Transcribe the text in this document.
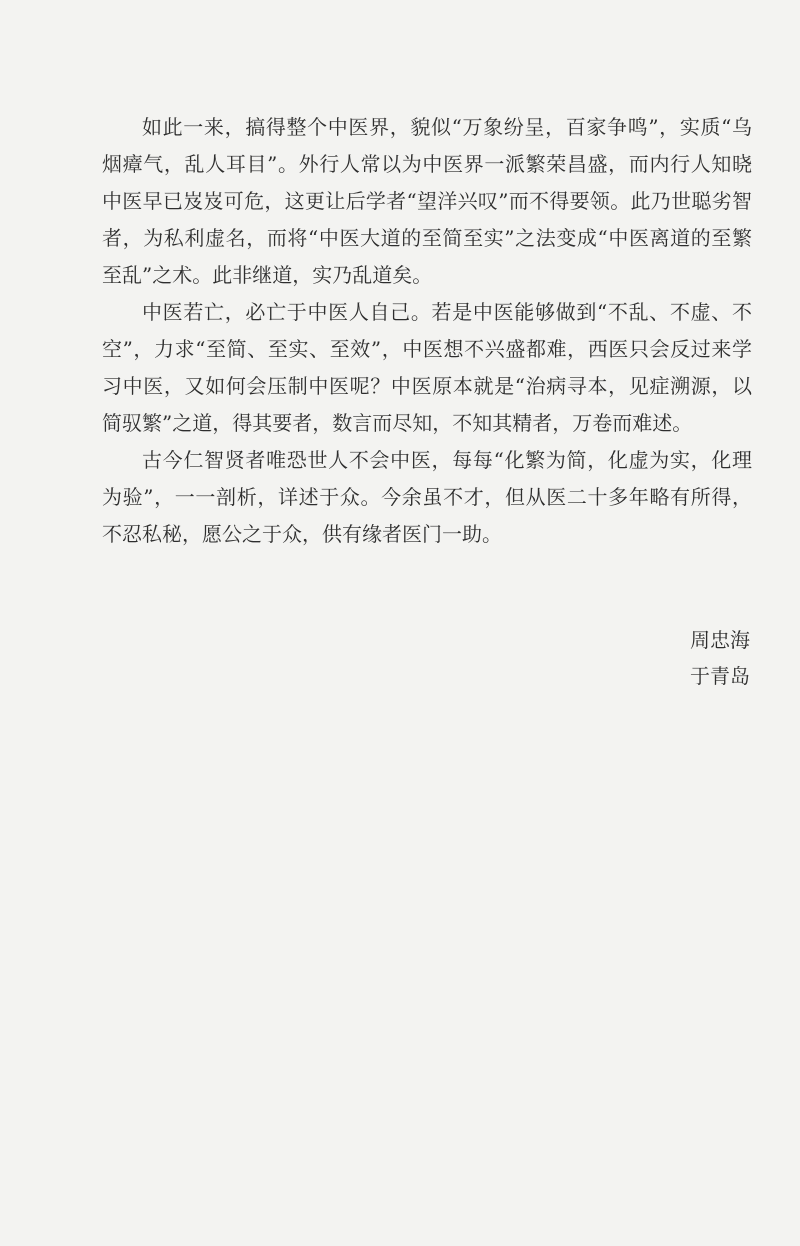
如此一来，搞得整个中医界，貌似“万象纷呈，百家争鸣”，实质“乌烟瘴气，乱人耳目”。外行人常以为中医界一派繁荣昌盛，而内行人知晓中医早已岌岌可危，这更让后学者“望洋兴叹”而不得要领。此乃世聪劣智者，为私利虚名，而将“中医大道的至简至实”之法变成“中医离道的至繁至乱”之术。此非继道，实乃乱道矣。

中医若亡，必亡于中医人自己。若是中医能够做到“不乱、不虚、不空”，力求“至简、至实、至效”，中医想不兴盛都难，西医只会反过来学习中医，又如何会压制中医呢？中医原本就是“治病寻本，见症溯源，以简驭繁”之道，得其要者，数言而尽知，不知其精者，万卷而难述。

古今仁智贤者唯恐世人不会中医，每每“化繁为简，化虚为实，化理为验”，一一剖析，详述于众。今余虽不才，但从医二十多年略有所得，不忍私秘，愿公之于众，供有缘者医门一助。

周忠海
于青岛
